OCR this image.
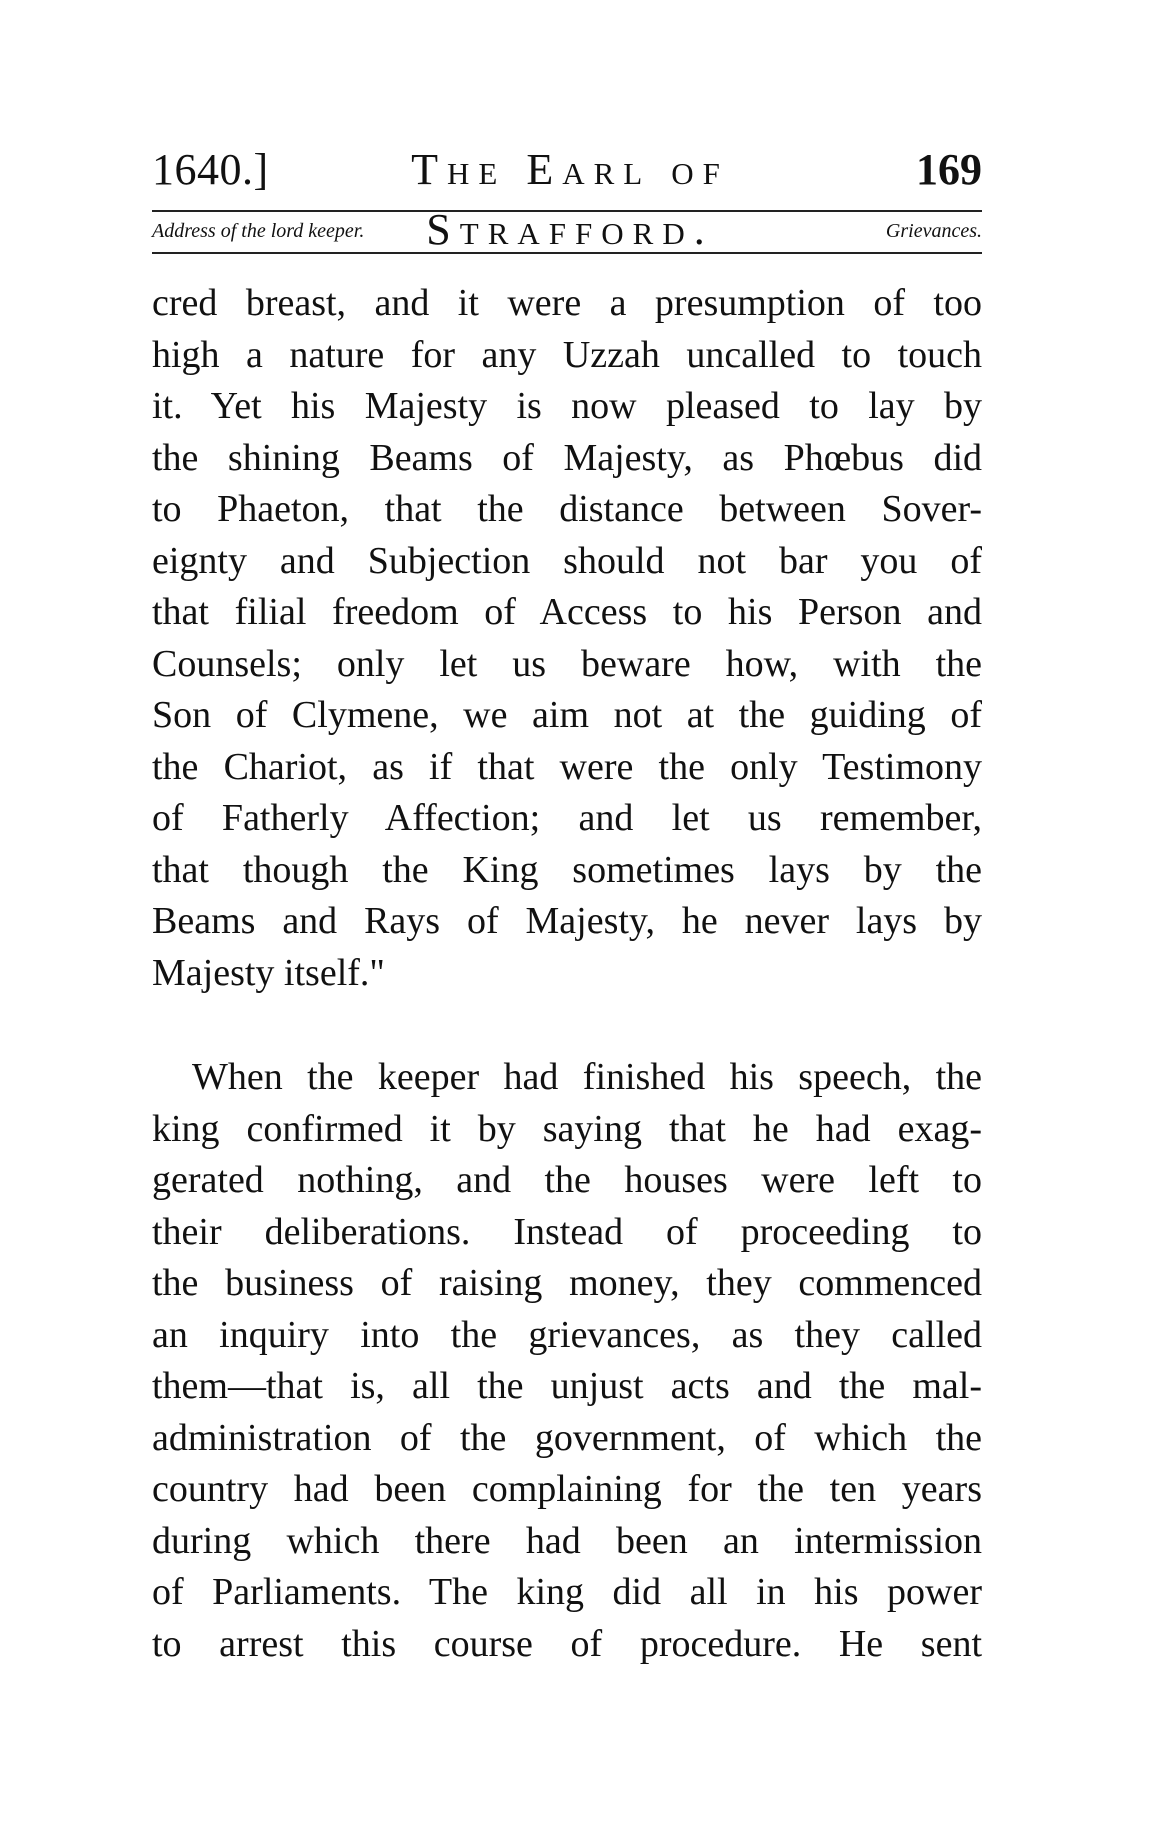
1640.]	The Earl of Strafford.
169
Address of the lord keeper.	Grievances.
cred breast, and it were a presumption of too
high a nature for any Uzzah uncalled to touch
it. Yet his Majesty is now pleased to lay by
the shining Beams of Majesty, as Phœbus did
to Phaeton, that the distance between Sover-
eignty and Subjection should not bar you of
that filial freedom of Access to his Person and
Counsels; only let us beware how, with the
Son of Clymene, we aim not at the guiding of
the Chariot, as if that were the only Testimony
of Fatherly Affection; and let us remember,
that though the King sometimes lays by the
Beams and Rays of Majesty, he never lays by
Majesty itself."
When the keeper had finished his speech, the
king confirmed it by saying that he had exag-
gerated nothing, and the houses were left to
their deliberations. Instead of proceeding to
the business of raising money, they commenced
an inquiry into the grievances, as they called
them—that is, all the unjust acts and the mal-
administration of the government, of which the
country had been complaining for the ten years
during which there had been an intermission
of Parliaments. The king did all in his power
to arrest this course of procedure. He sent
